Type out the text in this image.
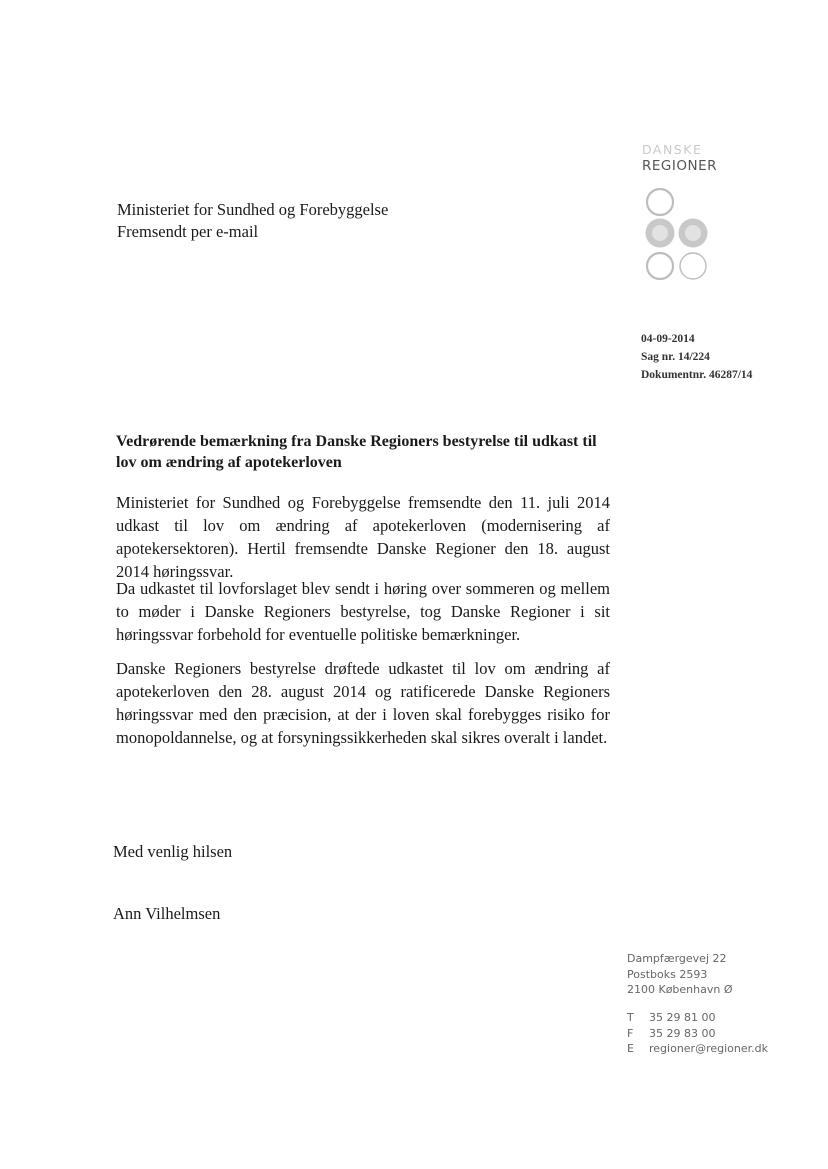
Ministeriet for Sundhed og Forebyggelse
Fremsendt per e-mail
DANSKE
REGIONER
04-09-2014
Sag nr. 14/224
Dokumentnr. 46287/14
Vedrørende bemærkning fra Danske Regioners bestyrelse til udkast til lov om ændring af apotekerloven
Ministeriet for Sundhed og Forebyggelse fremsendte den 11. juli 2014 udkast til lov om ændring af apotekerloven (modernisering af apotekersektoren). Hertil fremsendte Danske Regioner den 18. august 2014 høringssvar.
Da udkastet til lovforslaget blev sendt i høring over sommeren og mellem to møder i Danske Regioners bestyrelse, tog Danske Regioner i sit høringssvar forbehold for eventuelle politiske bemærkninger.
Danske Regioners bestyrelse drøftede udkastet til lov om ændring af apotekerloven den 28. august 2014 og ratificerede Danske Regioners høringssvar med den præcision, at der i loven skal forebygges risiko for monopoldannelse, og at forsyningssikkerheden skal sikres overalt i landet.
Med venlig hilsen
Ann Vilhelmsen
Dampfærgevej 22
Postboks 2593
2100 København Ø
T 35 29 81 00
F 35 29 83 00
E regioner@regioner.dk
